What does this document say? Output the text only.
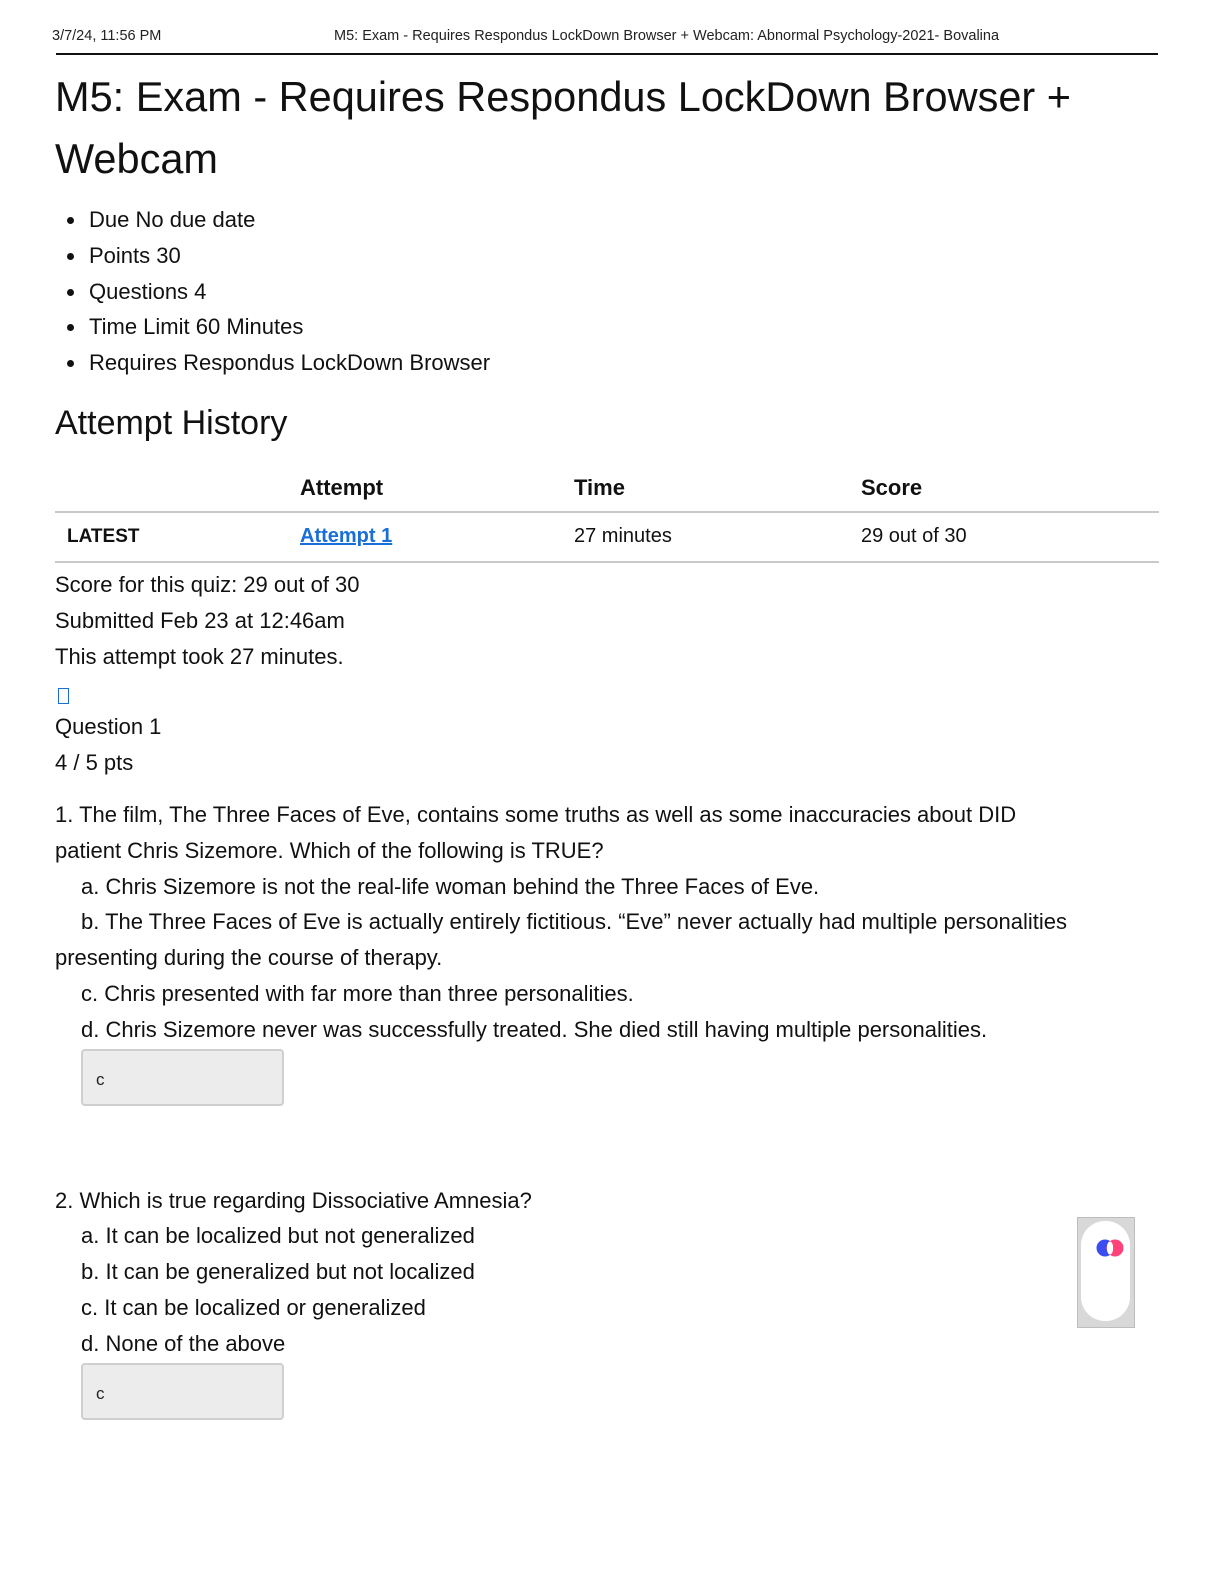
3/7/24, 11:56 PM	M5: Exam - Requires Respondus LockDown Browser + Webcam: Abnormal Psychology-2021- Bovalina
M5: Exam - Requires Respondus LockDown Browser + Webcam
Due No due date
Points 30
Questions 4
Time Limit 60 Minutes
Requires Respondus LockDown Browser
Attempt History
	Attempt	Time	Score
LATEST	Attempt 1	27 minutes	29 out of 30
Score for this quiz: 29 out of 30
Submitted Feb 23 at 12:46am
This attempt took 27 minutes.
Question 1
4 / 5 pts
1. The film, The Three Faces of Eve, contains some truths as well as some inaccuracies about DID
patient Chris Sizemore. Which of the following is TRUE?
a. Chris Sizemore is not the real-life woman behind the Three Faces of Eve.
b. The Three Faces of Eve is actually entirely fictitious. “Eve” never actually had multiple personalities
presenting during the course of therapy.
c. Chris presented with far more than three personalities.
d. Chris Sizemore never was successfully treated. She died still having multiple personalities.
c
2. Which is true regarding Dissociative Amnesia?
a. It can be localized but not generalized
b. It can be generalized but not localized
c. It can be localized or generalized
d. None of the above
c
